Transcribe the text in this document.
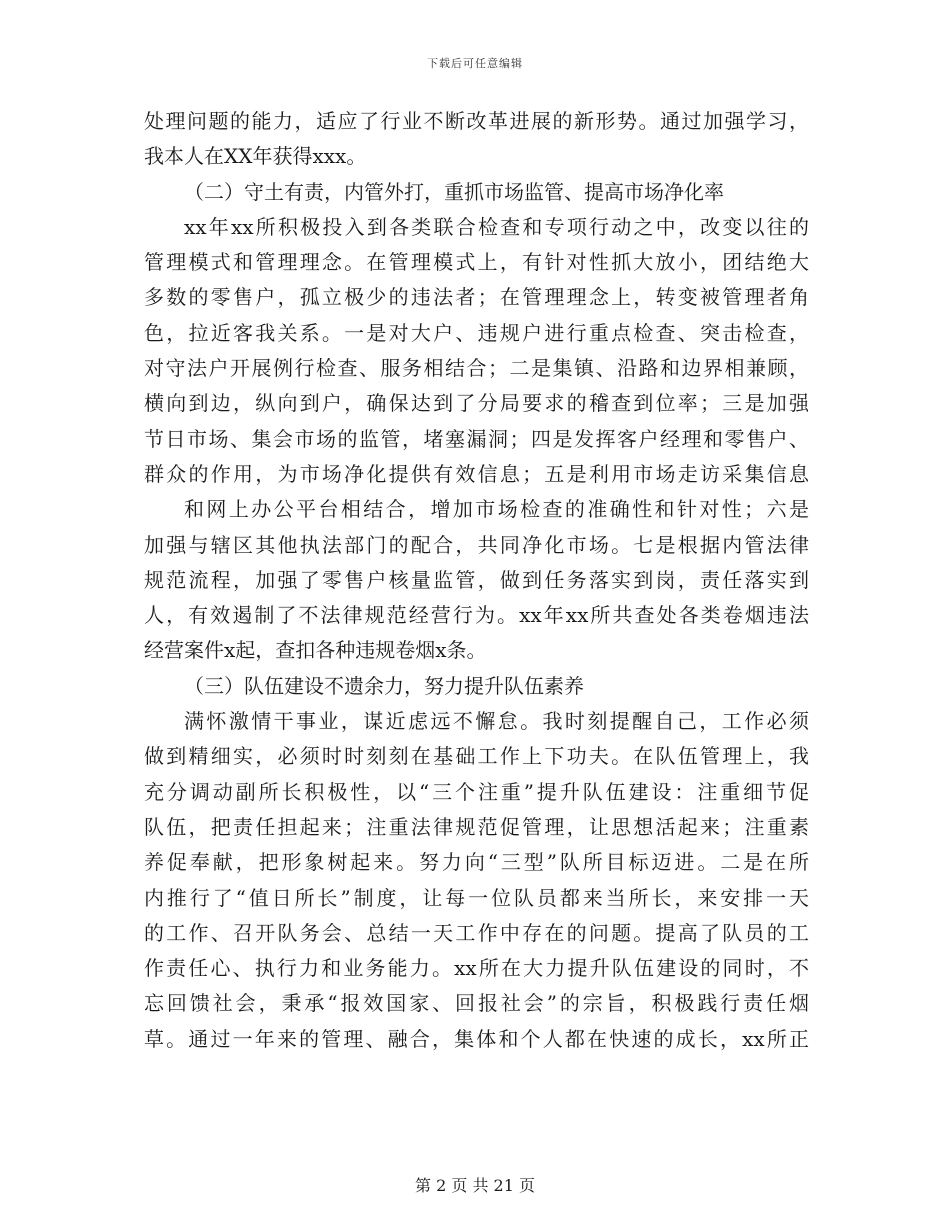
下载后可任意编辑
处理问题的能力，适应了行业不断改革进展的新形势。通过加强学习，
我本人在XX年获得xxx。
（二）守土有责，内管外打，重抓市场监管、提高市场净化率
xx年xx所积极投入到各类联合检查和专项行动之中，改变以往的
管理模式和管理理念。在管理模式上，有针对性抓大放小，团结绝大
多数的零售户，孤立极少的违法者；在管理理念上，转变被管理者角
色，拉近客我关系。一是对大户、违规户进行重点检查、突击检查，
对守法户开展例行检查、服务相结合；二是集镇、沿路和边界相兼顾，
横向到边，纵向到户，确保达到了分局要求的稽查到位率；三是加强
节日市场、集会市场的监管，堵塞漏洞；四是发挥客户经理和零售户、
群众的作用，为市场净化提供有效信息；五是利用市场走访采集信息
和网上办公平台相结合，增加市场检查的准确性和针对性；六是
加强与辖区其他执法部门的配合，共同净化市场。七是根据内管法律
规范流程，加强了零售户核量监管，做到任务落实到岗，责任落实到
人，有效遏制了不法律规范经营行为。xx年xx所共查处各类卷烟违法
经营案件x起，查扣各种违规卷烟x条。
（三）队伍建设不遗余力，努力提升队伍素养
满怀激情干事业，谋近虑远不懈怠。我时刻提醒自己，工作必须
做到精细实，必须时时刻刻在基础工作上下功夫。在队伍管理上，我
充分调动副所长积极性，以“三个注重”提升队伍建设：注重细节促
队伍，把责任担起来；注重法律规范促管理，让思想活起来；注重素
养促奉献，把形象树起来。努力向“三型”队所目标迈进。二是在所
内推行了“值日所长”制度，让每一位队员都来当所长，来安排一天
的工作、召开队务会、总结一天工作中存在的问题。提高了队员的工
作责任心、执行力和业务能力。xx所在大力提升队伍建设的同时，不
忘回馈社会，秉承“报效国家、回报社会”的宗旨，积极践行责任烟
草。通过一年来的管理、融合，集体和个人都在快速的成长，xx所正
第 2 页 共 21 页
